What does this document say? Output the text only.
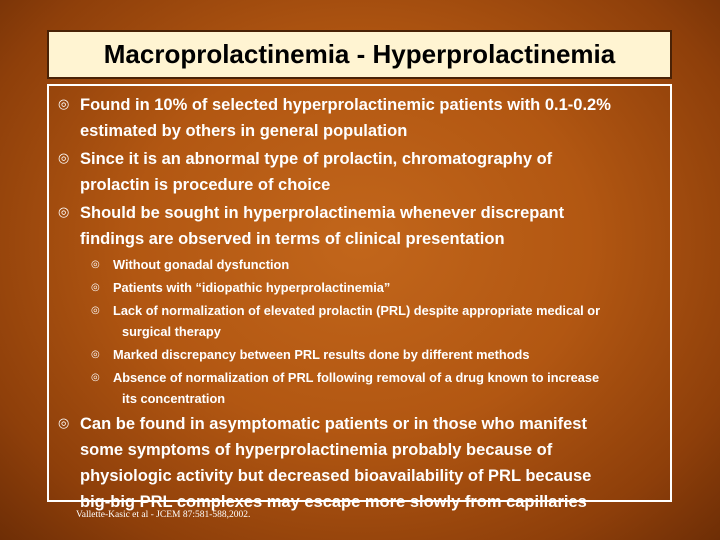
Macroprolactinemia - Hyperprolactinemia
◎ Found in 10% of selected hyperprolactinemic patients with 0.1-0.2%
estimated by others in general population
◎ Since it is an abnormal type of prolactin, chromatography of
prolactin is procedure of choice
◎ Should be sought in hyperprolactinemia whenever discrepant
findings are observed in terms of clinical presentation
◎	Without gonadal dysfunction
◎	Patients with “idiopathic hyperprolactinemia”
◎	Lack of normalization of elevated prolactin (PRL) despite appropriate medical or
surgical therapy
◎	Marked discrepancy between PRL results done by different methods
◎	Absence of normalization of PRL following removal of a drug known to increase
its concentration
◎ Can be found in asymptomatic patients or in those who manifest
some symptoms of hyperprolactinemia probably because of
physiologic activity but decreased bioavailability of PRL because
big-big PRL complexes may escape more slowly from capillaries
Vallette-Kasic et al - JCEM 87:581-588,2002.
